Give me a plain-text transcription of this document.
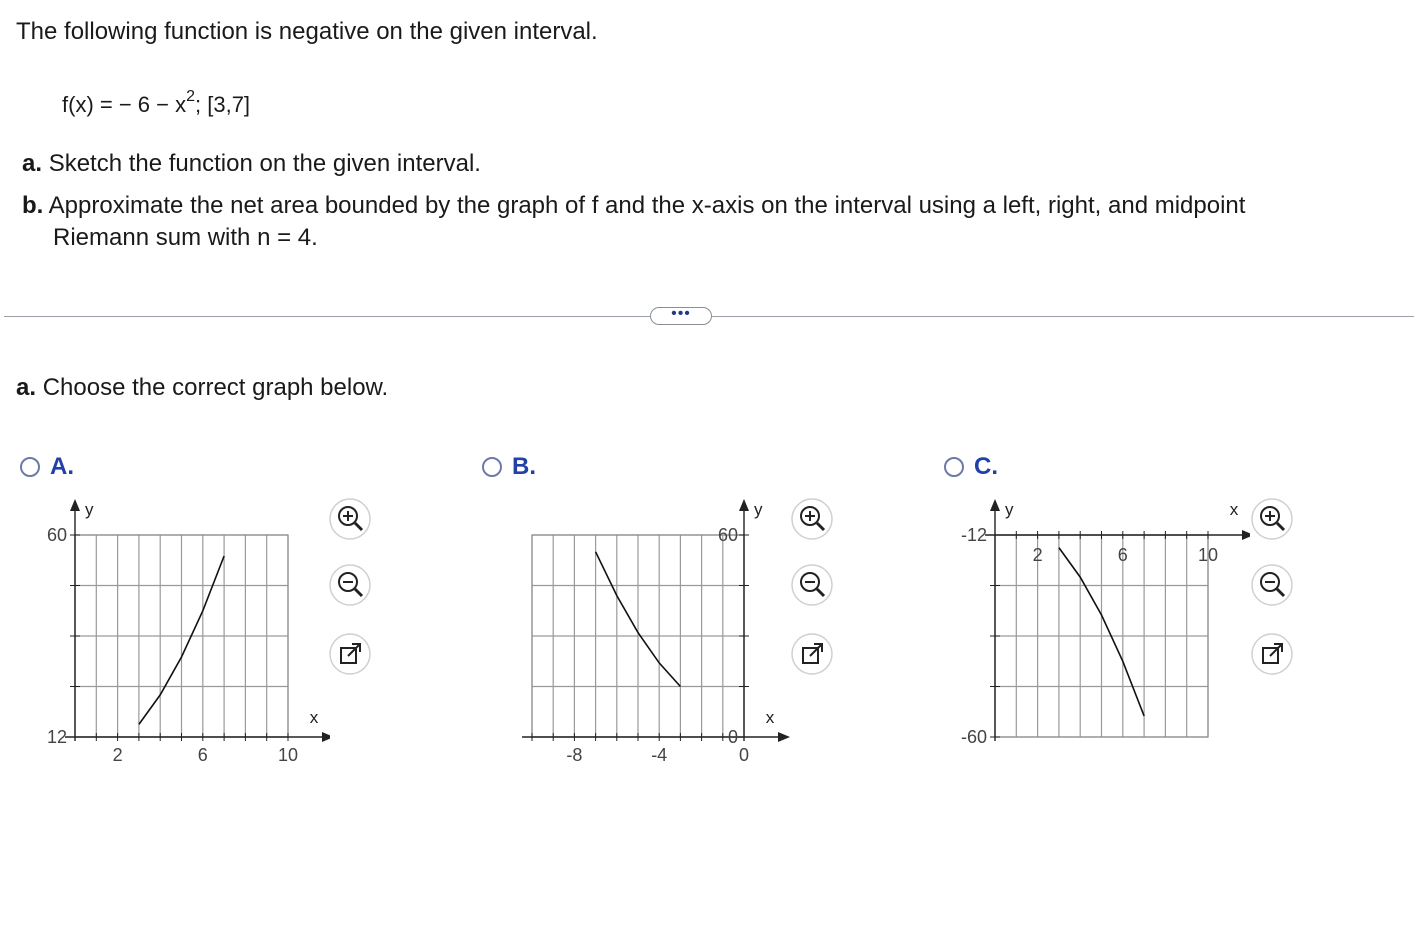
The following function is negative on the given interval.
f(x) = − $6 - x^2$; [3,7]
a. Sketch the function on the given interval.
b. Approximate the net area bounded by the graph of f and the x-axis on the interval using a left, right, and midpoint
Riemann sum with n = 4.
•••
a. Choose the correct graph below.
A.	B.	C.
y
x
2	6	10
60
12
y
x
-8	-4	0
60
0
y	x
2	6	10
-12
-60
